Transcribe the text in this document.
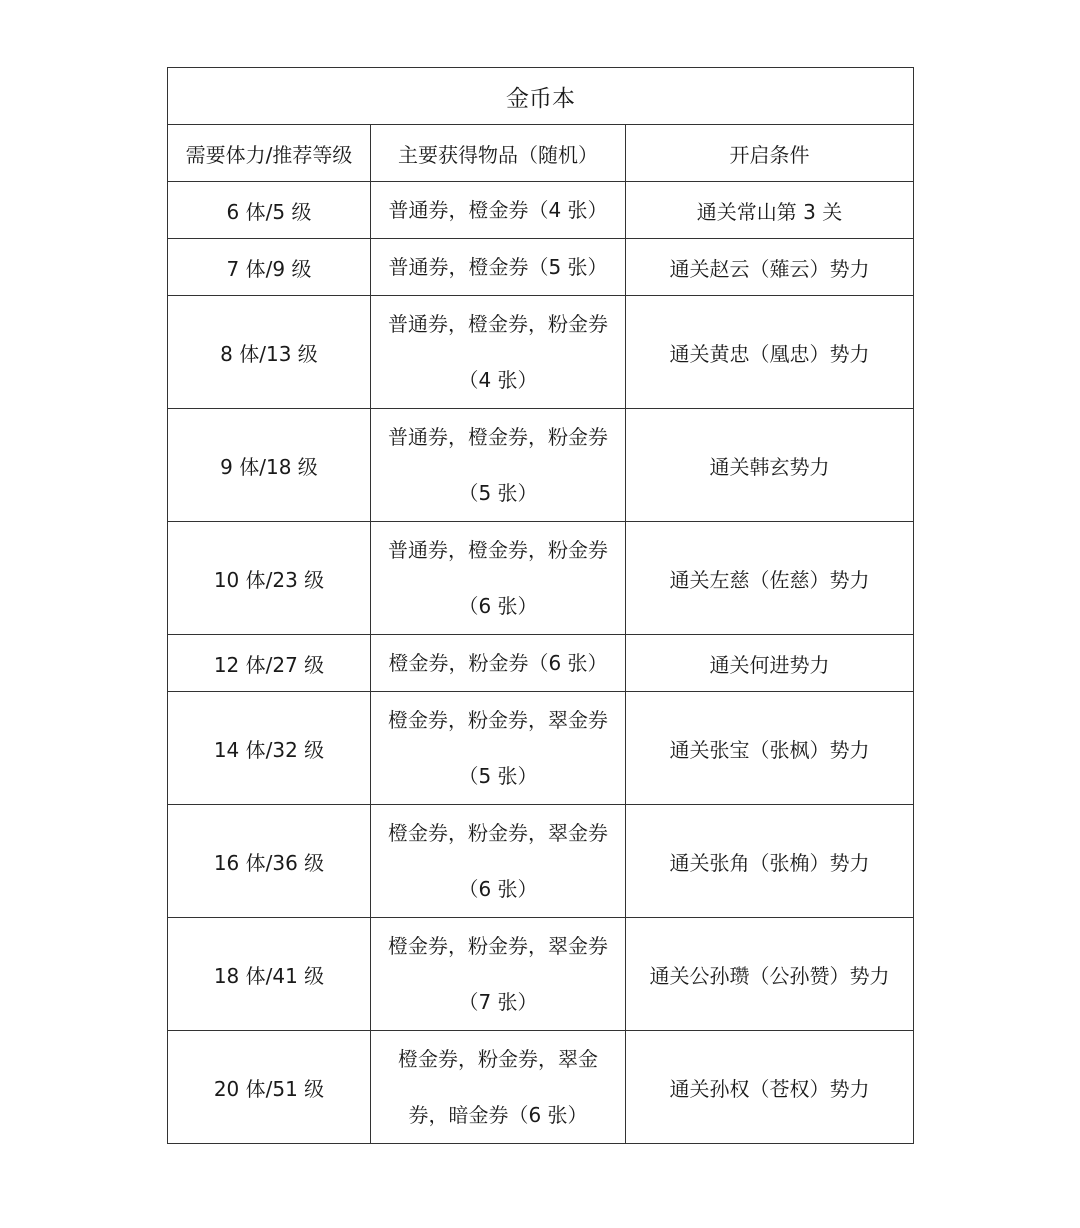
金币本		
需要体力/推荐等级	主要获得物品（随机）	开启条件
6 体/5 级	普通券，橙金券（4 张）	通关常山第 3 关
7 体/9 级	普通券，橙金券（5 张）	通关赵云（薙云）势力
8 体/13 级	普通券，橙金券，粉金券（4 张）	通关黄忠（凰忠）势力
9 体/18 级	普通券，橙金券，粉金券（5 张）	通关韩玄势力
10 体/23 级	普通券，橙金券，粉金券（6 张）	通关左慈（佐慈）势力
12 体/27 级	橙金券，粉金券（6 张）	通关何进势力
14 体/32 级	橙金券，粉金券，翠金券（5 张）	通关张宝（张枫）势力
16 体/36 级	橙金券，粉金券，翠金券（6 张）	通关张角（张桷）势力
18 体/41 级	橙金券，粉金券，翠金券（7 张）	通关公孙瓒（公孙赞）势力
20 体/51 级	橙金券，粉金券，翠金券，暗金券（6 张）	通关孙权（苍权）势力
